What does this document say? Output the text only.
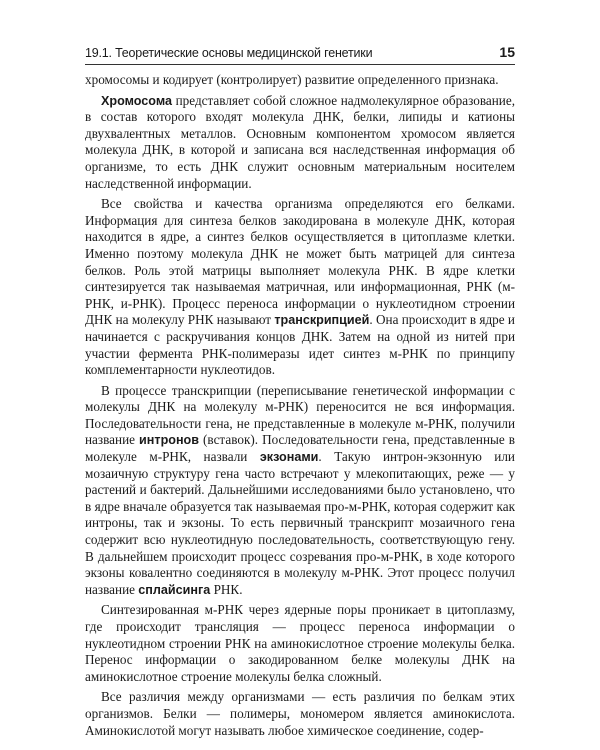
19.1. Теоретические основы медицинской генетики	15

хромосомы и кодирует (контролирует) развитие определенного признака.

Хромосома представляет собой сложное надмолекулярное образование, в состав которого входят молекула ДНК, белки, липиды и катионы двухвалентных металлов. Основным компонентом хромосом является молекула ДНК, в которой и записана вся наследственная информация об организме, то есть ДНК служит основным материальным носителем наследственной информации.

Все свойства и качества организма определяются его белками. Информация для синтеза белков закодирована в молекуле ДНК, которая находится в ядре, а синтез белков осуществляется в цитоплазме клетки. Именно поэтому молекула ДНК не может быть матрицей для синтеза белков. Роль этой матрицы выполняет молекула РНК. В ядре клетки синтезируется так называемая матричная, или информационная, РНК (м-РНК, и-РНК). Процесс переноса информации о нуклеотидном строении ДНК на молекулу РНК называют транскрипцией. Она происходит в ядре и начинается с раскручивания концов ДНК. Затем на одной из нитей при участии фермента РНК-полимеразы идет синтез м-РНК по принципу комплементарности нуклеотидов.

В процессе транскрипции (переписывание генетической информации с молекулы ДНК на молекулу м-РНК) переносится не вся информация. Последовательности гена, не представленные в молекуле м-РНК, получили название интронов (вставок). Последовательности гена, представленные в молекуле м-РНК, назвали экзонами. Такую интрон-экзонную или мозаичную структуру гена часто встречают у млекопитающих, реже — у растений и бактерий. Дальнейшими исследованиями было установлено, что в ядре вначале образуется так называемая про-м-РНК, которая содержит как интроны, так и экзоны. То есть первичный транскрипт мозаичного гена содержит всю нуклеотидную последовательность, соответствующую гену. В дальнейшем происходит процесс созревания про-м-РНК, в ходе которого экзоны ковалентно соединяются в молекулу м-РНК. Этот процесс получил название сплайсинга РНК.

Синтезированная м-РНК через ядерные поры проникает в цитоплазму, где происходит трансляция — процесс переноса информации о нуклеотидном строении РНК на аминокислотное строение молекулы белка. Перенос информации о закодированном белке молекулы ДНК на аминокислотное строение молекулы белка сложный.

Все различия между организмами — есть различия по белкам этих организмов. Белки — полимеры, мономером является аминокислота. Аминокислотой могут называть любое химическое соединение, содер-
